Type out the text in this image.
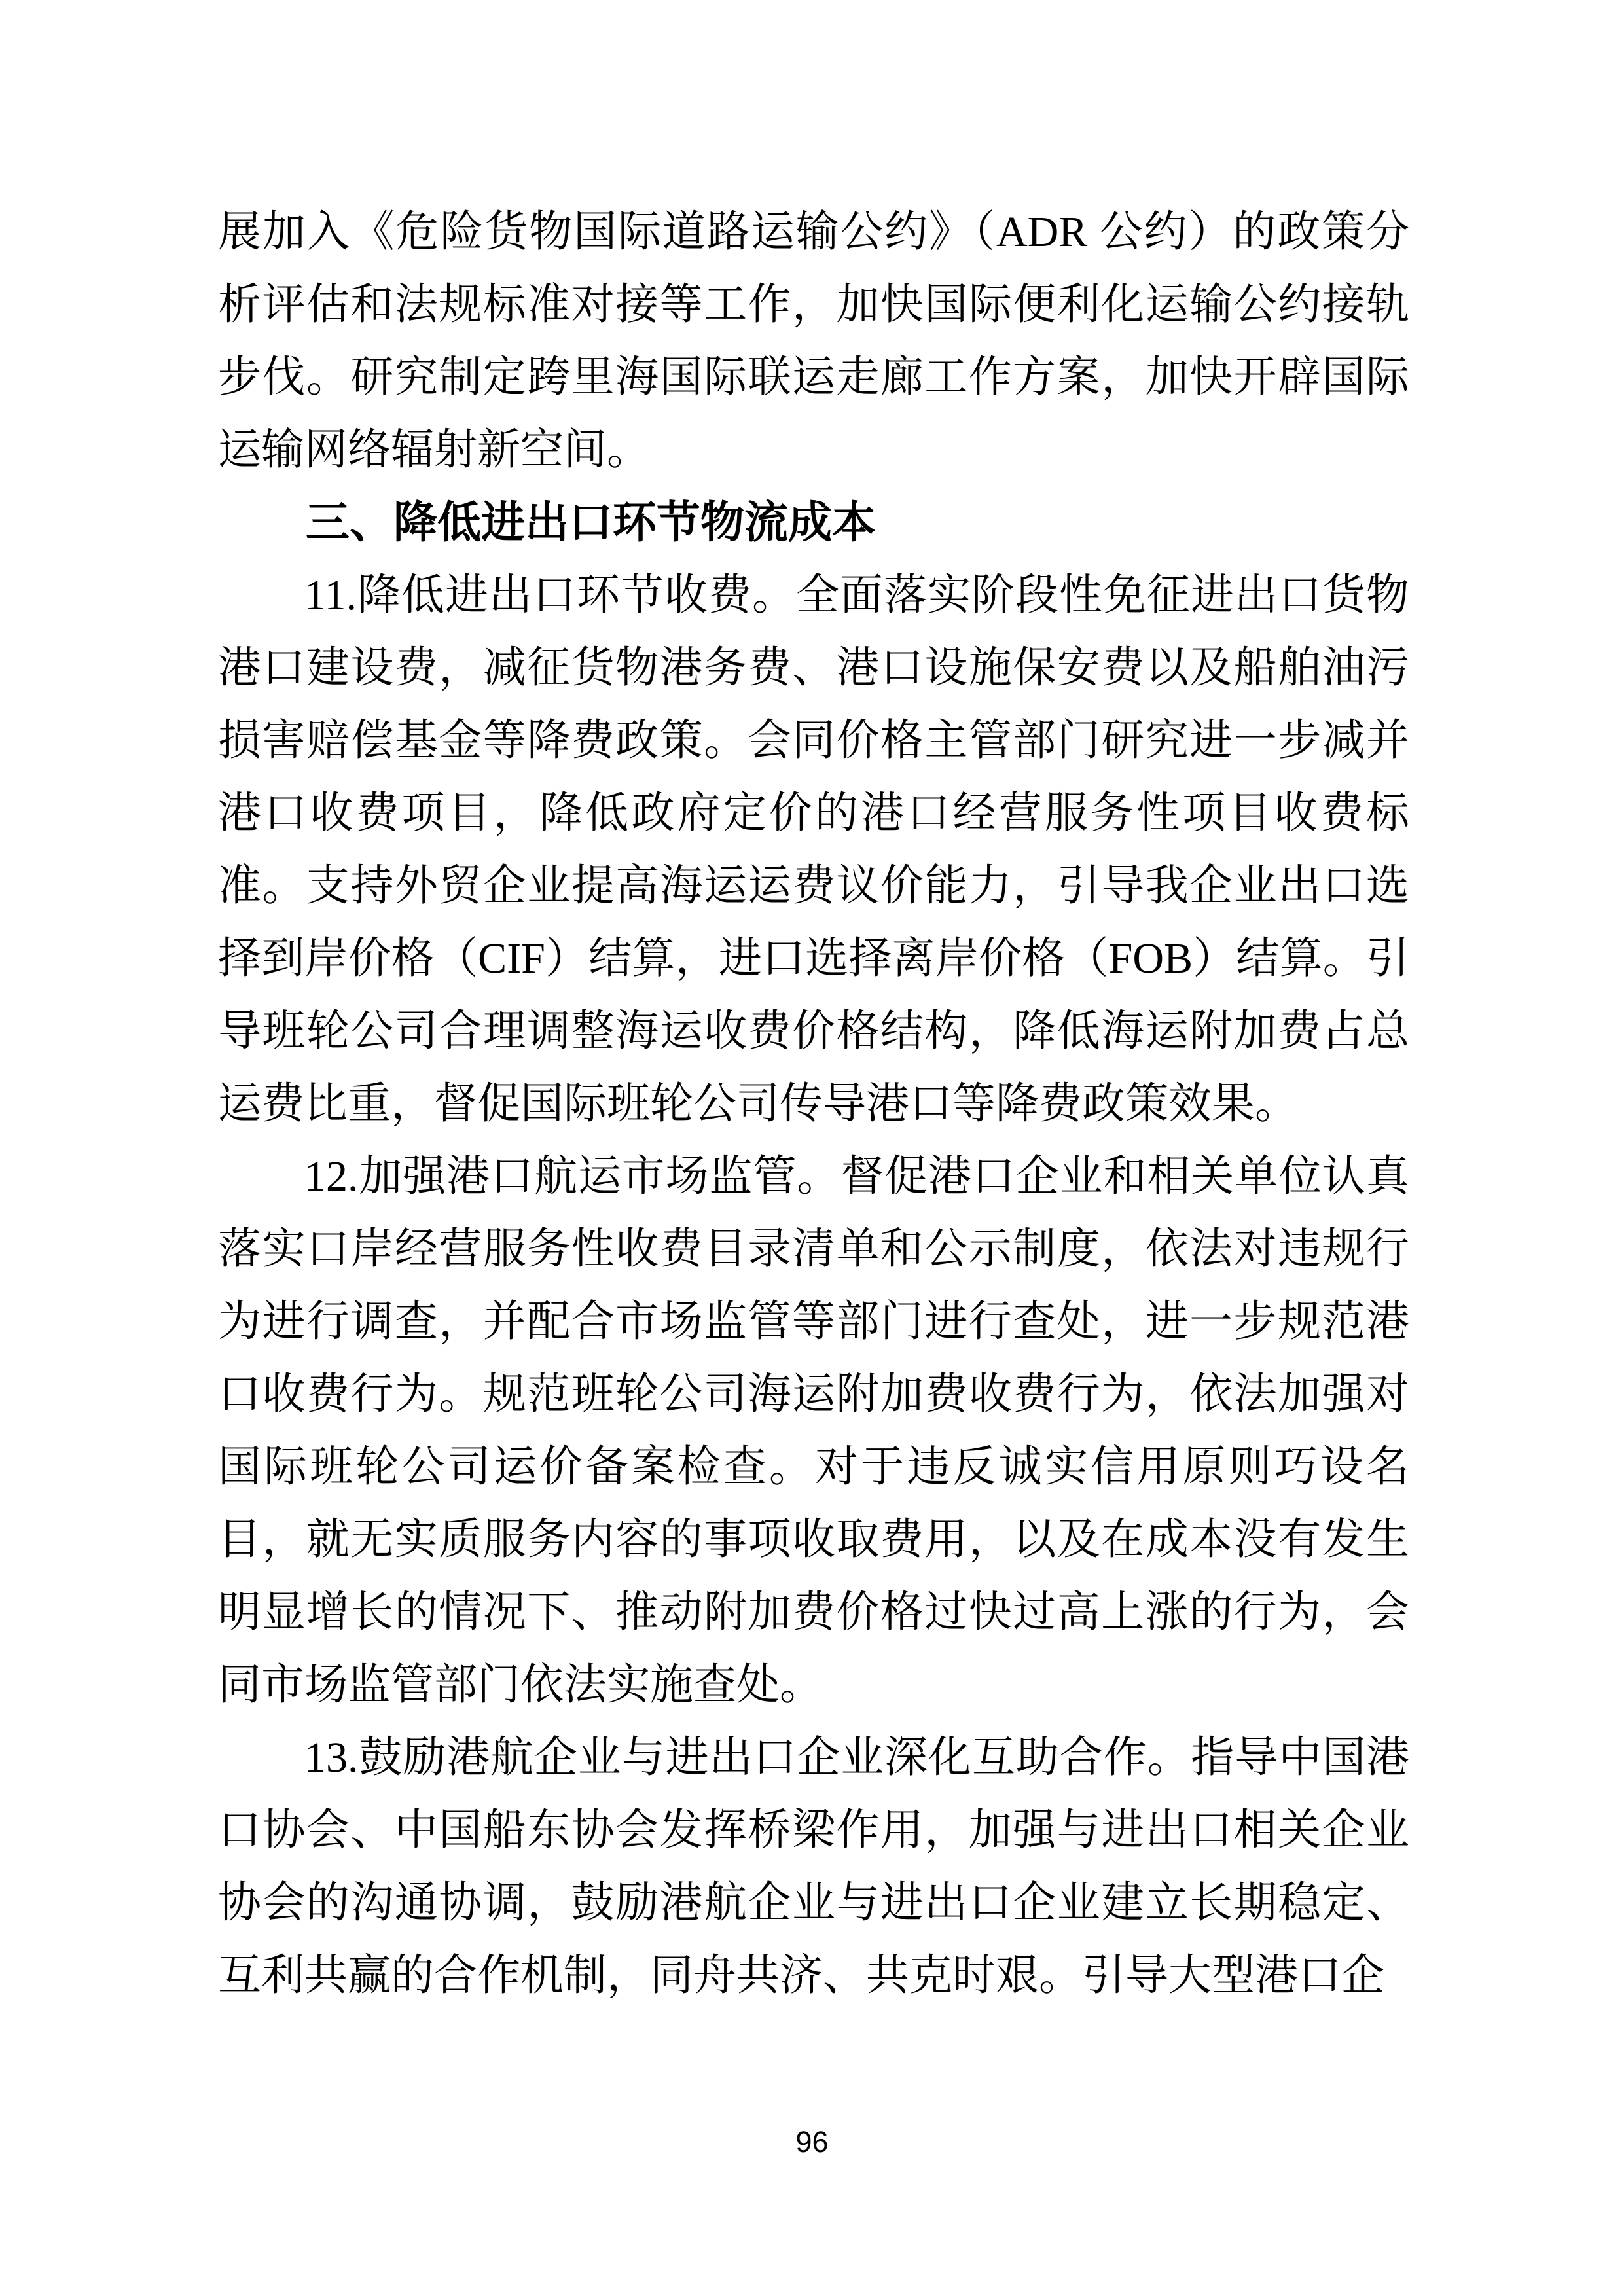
展加入《危险货物国际道路运输公约》（ADR 公约）的政策分析评估和法规标准对接等工作，加快国际便利化运输公约接轨步伐。研究制定跨里海国际联运走廊工作方案，加快开辟国际运输网络辐射新空间。

三、降低进出口环节物流成本

11.降低进出口环节收费。全面落实阶段性免征进出口货物港口建设费，减征货物港务费、港口设施保安费以及船舶油污损害赔偿基金等降费政策。会同价格主管部门研究进一步减并港口收费项目，降低政府定价的港口经营服务性项目收费标准。支持外贸企业提高海运运费议价能力，引导我企业出口选择到岸价格（CIF）结算，进口选择离岸价格（FOB）结算。引导班轮公司合理调整海运收费价格结构，降低海运附加费占总运费比重，督促国际班轮公司传导港口等降费政策效果。

12.加强港口航运市场监管。督促港口企业和相关单位认真落实口岸经营服务性收费目录清单和公示制度，依法对违规行为进行调查，并配合市场监管等部门进行查处，进一步规范港口收费行为。规范班轮公司海运附加费收费行为，依法加强对国际班轮公司运价备案检查。对于违反诚实信用原则巧设名目，就无实质服务内容的事项收取费用，以及在成本没有发生明显增长的情况下、推动附加费价格过快过高上涨的行为，会同市场监管部门依法实施查处。

13.鼓励港航企业与进出口企业深化互助合作。指导中国港口协会、中国船东协会发挥桥梁作用，加强与进出口相关企业协会的沟通协调，鼓励港航企业与进出口企业建立长期稳定、互利共赢的合作机制，同舟共济、共克时艰。引导大型港口企

96
